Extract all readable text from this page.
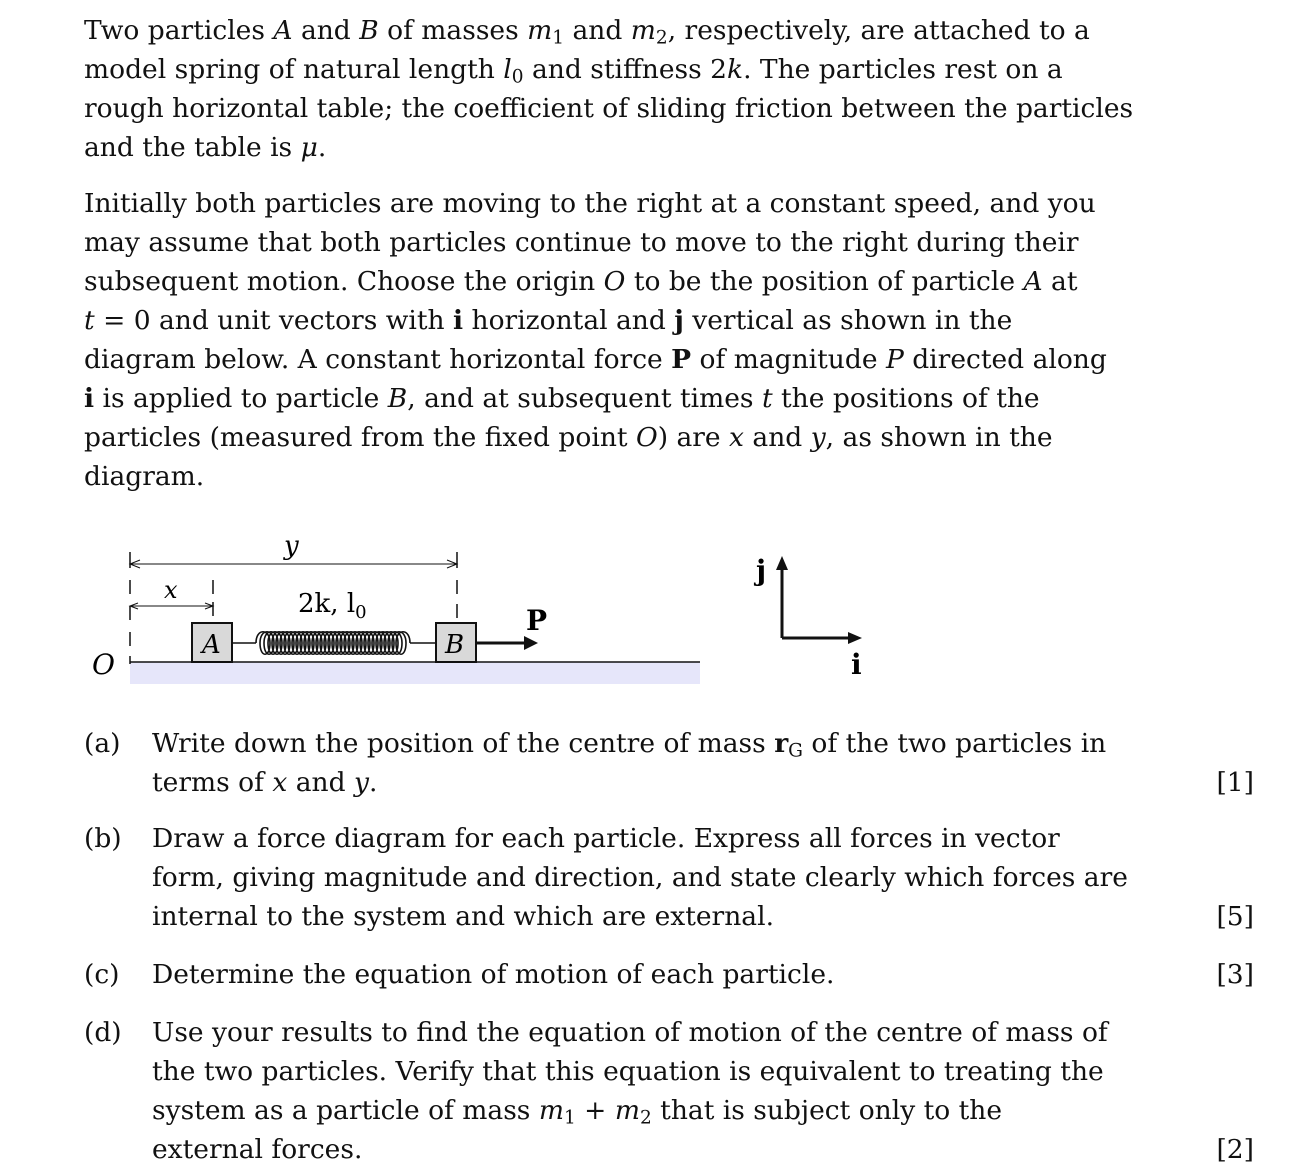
Two particles A and B of masses $m_1$ and $m_2$, respectively, are attached to a
model spring of natural length $l_0$ and stiffness 2k. The particles rest on a
rough horizontal table; the coefficient of sliding friction between the particles
and the table is μ.

Initially both particles are moving to the right at a constant speed, and you
may assume that both particles continue to move to the right during their
subsequent motion. Choose the origin O to be the position of particle A at
t = 0 and unit vectors with i horizontal and j vertical as shown in the
diagram below. A constant horizontal force P of magnitude P directed along
i is applied to particle B, and at subsequent times t the positions of the
particles (measured from the fixed point O) are x and y, as shown in the
diagram.

O
y
x
A
2k, $l_0$
B
P
j
i
(a) Write down the position of the centre of mass $r_G$ of the two particles in
terms of x and y.	[1]
(b) Draw a force diagram for each particle. Express all forces in vector
form, giving magnitude and direction, and state clearly which forces are
internal to the system and which are external.	[5]
(c) Determine the equation of motion of each particle.	[3]
(d) Use your results to find the equation of motion of the centre of mass of
the two particles. Verify that this equation is equivalent to treating the
system as a particle of mass $m_1 + m_2$ that is subject only to the
external forces.	[2]
